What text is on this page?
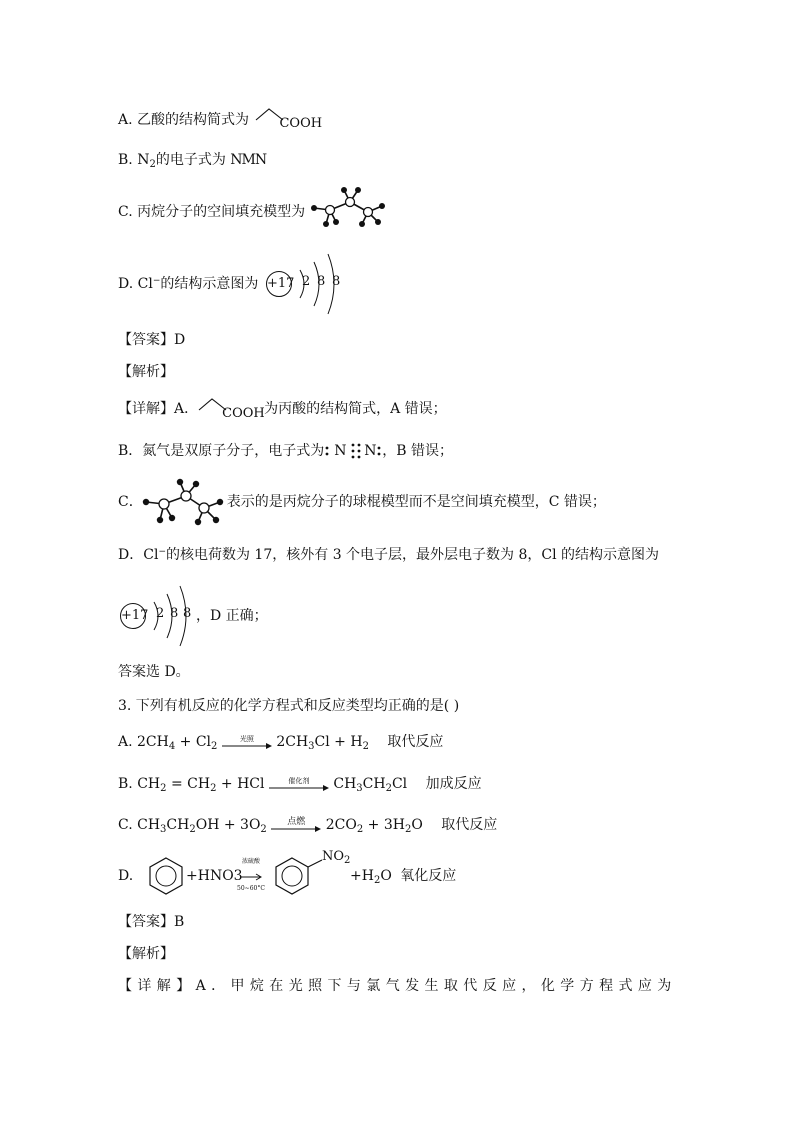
A. 乙酸的结构简式为 COOH
B. $N_2$的电子式为 NMN
C. 丙烷分子的空间填充模型为
D. Cl−的结构示意图为 +17 2 8 8
【答案】D
【解析】
【详解】A． COOH 为丙酸的结构简式，A 错误；
B．氮气是双原子分子，电子式为 N N ，B 错误；
C．	表示的是丙烷分子的球棍模型而不是空间填充模型，C 错误；
D．Cl−的核电荷数为 17，核外有 3 个电子层，最外层电子数为 8，Cl 的结构示意图为
+17 2 8 8 ，D 正确；
答案选 D。
3. 下列有机反应的化学方程式和反应类型均正确的是( )
A. $2CH_4 + Cl_2$
光照	$2CH_3Cl + H_2$ 取代反应
B. $CH_2 = CH_2$ + HCl	催化剂	$CH_3CH_2Cl$ 加成反应
C. $CH_3CH_2OH + 3O_2$
点燃	$2CO_2 + 3H_2O$ 取代反应
D.	+HNO3
浓硫酸
50~60°C
$NO_2$
$+H_2O$ 氧化反应
【答案】B
【解析】
【详解】A．甲烷在光照下与氯气发生取代反应，化学方程式应为
